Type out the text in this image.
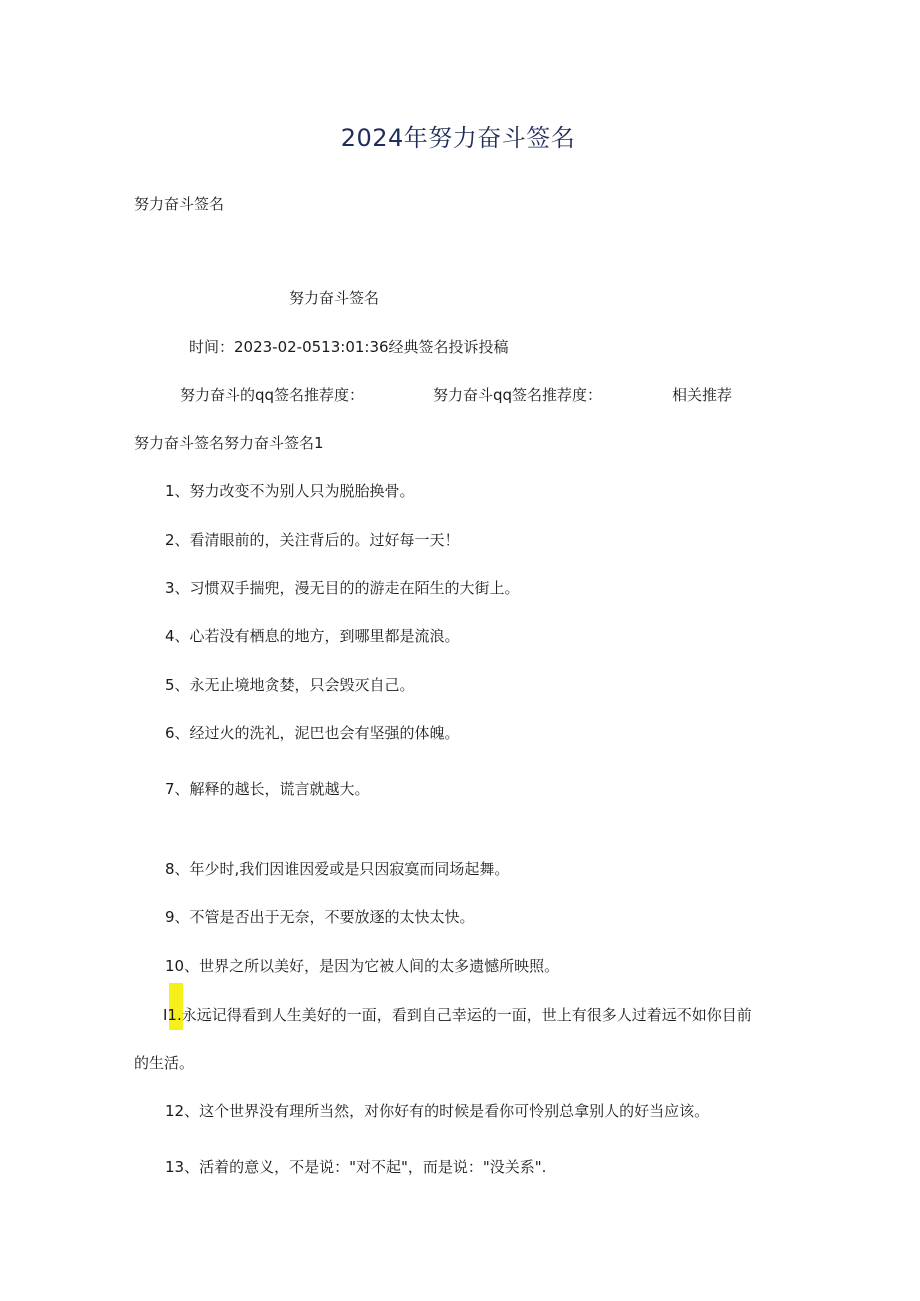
2024年努力奋斗签名
努力奋斗签名
努力奋斗签名
时间：2023-02-0513:01:36经典签名投诉投稿
努力奋斗的qq签名推荐度：	努力奋斗qq签名推荐度：	相关推荐
努力奋斗签名努力奋斗签名1
1、努力改变不为别人只为脱胎换骨。
2、看清眼前的，关注背后的。过好每一天！
3、习惯双手揣兜，漫无目的的游走在陌生的大街上。
4、心若没有栖息的地方，到哪里都是流浪。
5、永无止境地贪婪，只会毁灭自己。
6、经过火的洗礼，泥巴也会有坚强的体魄。
7、解释的越长，谎言就越大。
8、年少时,我们因谁因爱或是只因寂寞而同场起舞。
9、不管是否出于无奈，不要放逐的太快太快。
10、世界之所以美好，是因为它被人间的太多遗憾所映照。
I1.永远记得看到人生美好的一面，看到自己幸运的一面，世上有很多人过着远不如你目前
的生活。
12、这个世界没有理所当然，对你好有的时候是看你可怜别总拿别人的好当应该。
13、活着的意义，不是说："对不起"，而是说："没关系".
